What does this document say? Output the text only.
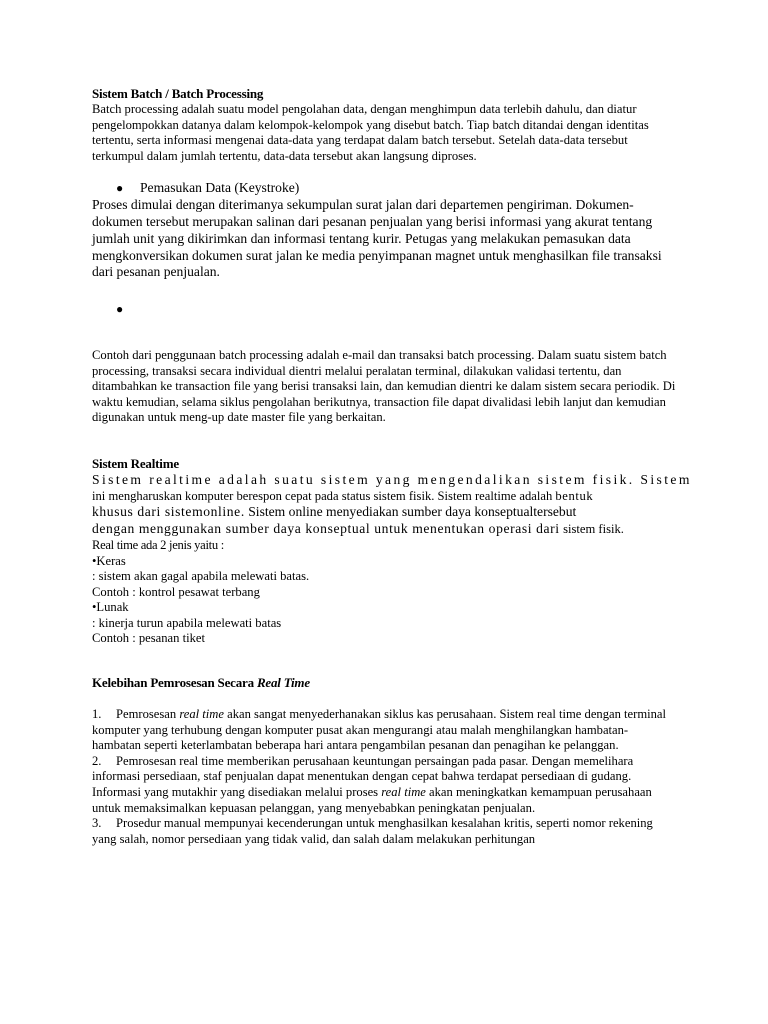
Sistem Batch / Batch Processing

Batch processing adalah suatu model pengolahan data, dengan menghimpun data terlebih dahulu, dan diatur pengelompokkan datanya dalam kelompok-kelompok yang disebut batch. Tiap batch ditandai dengan identitas tertentu, serta informasi mengenai data-data yang terdapat dalam batch tersebut. Setelah data-data tersebut terkumpul dalam jumlah tertentu, data-data tersebut akan langsung diproses.

●	Pemasukan Data (Keystroke)

Proses dimulai dengan diterimanya sekumpulan surat jalan dari departemen pengiriman. Dokumen-dokumen tersebut merupakan salinan dari pesanan penjualan yang berisi informasi yang akurat tentang jumlah unit yang dikirimkan dan informasi tentang kurir. Petugas yang melakukan pemasukan data mengkonversikan dokumen surat jalan ke media penyimpanan magnet untuk menghasilkan file transaksi dari pesanan penjualan.

●

Contoh dari penggunaan batch processing adalah e-mail dan transaksi batch processing. Dalam suatu sistem batch processing, transaksi secara individual dientri melalui peralatan terminal, dilakukan validasi tertentu, dan ditambahkan ke transaction file yang berisi transaksi lain, dan kemudian dientri ke dalam sistem secara periodik. Di waktu kemudian, selama siklus pengolahan berikutnya, transaction file dapat divalidasi lebih lanjut dan kemudian digunakan untuk meng-up date master file yang berkaitan.

Sistem Realtime

Sistem realtime adalah suatu sistem yang mengendalikan sistem fisik. Sistem

ini mengharuskan komputer berespon cepat pada status sistem fisik. Sistem realtime adalah bentuk

khusus dari sistemonline. Sistem online menyediakan sumber daya konseptualtersebut

dengan menggunakan sumber daya konseptual untuk menentukan operasi dari sistem fisik.

Real time ada 2 jenis yaitu :

•Keras

: sistem akan gagal apabila melewati batas.

Contoh : kontrol pesawat terbang

•Lunak

: kinerja turun apabila melewati batas

Contoh : pesanan tiket

Kelebihan Pemrosesan Secara Real Time

1. Pemrosesan real time akan sangat menyederhanakan siklus kas perusahaan. Sistem real time dengan terminal komputer yang terhubung dengan komputer pusat akan mengurangi atau malah menghilangkan hambatan-hambatan seperti keterlambatan beberapa hari antara pengambilan pesanan dan penagihan ke pelanggan.

2. Pemrosesan real time memberikan perusahaan keuntungan persaingan pada pasar. Dengan memelihara informasi persediaan, staf penjualan dapat menentukan dengan cepat bahwa terdapat persediaan di gudang. Informasi yang mutakhir yang disediakan melalui proses real time akan meningkatkan kemampuan perusahaan untuk memaksimalkan kepuasan pelanggan, yang menyebabkan peningkatan penjualan.

3. Prosedur manual mempunyai kecenderungan untuk menghasilkan kesalahan kritis, seperti nomor rekening yang salah, nomor persediaan yang tidak valid, dan salah dalam melakukan perhitungan
